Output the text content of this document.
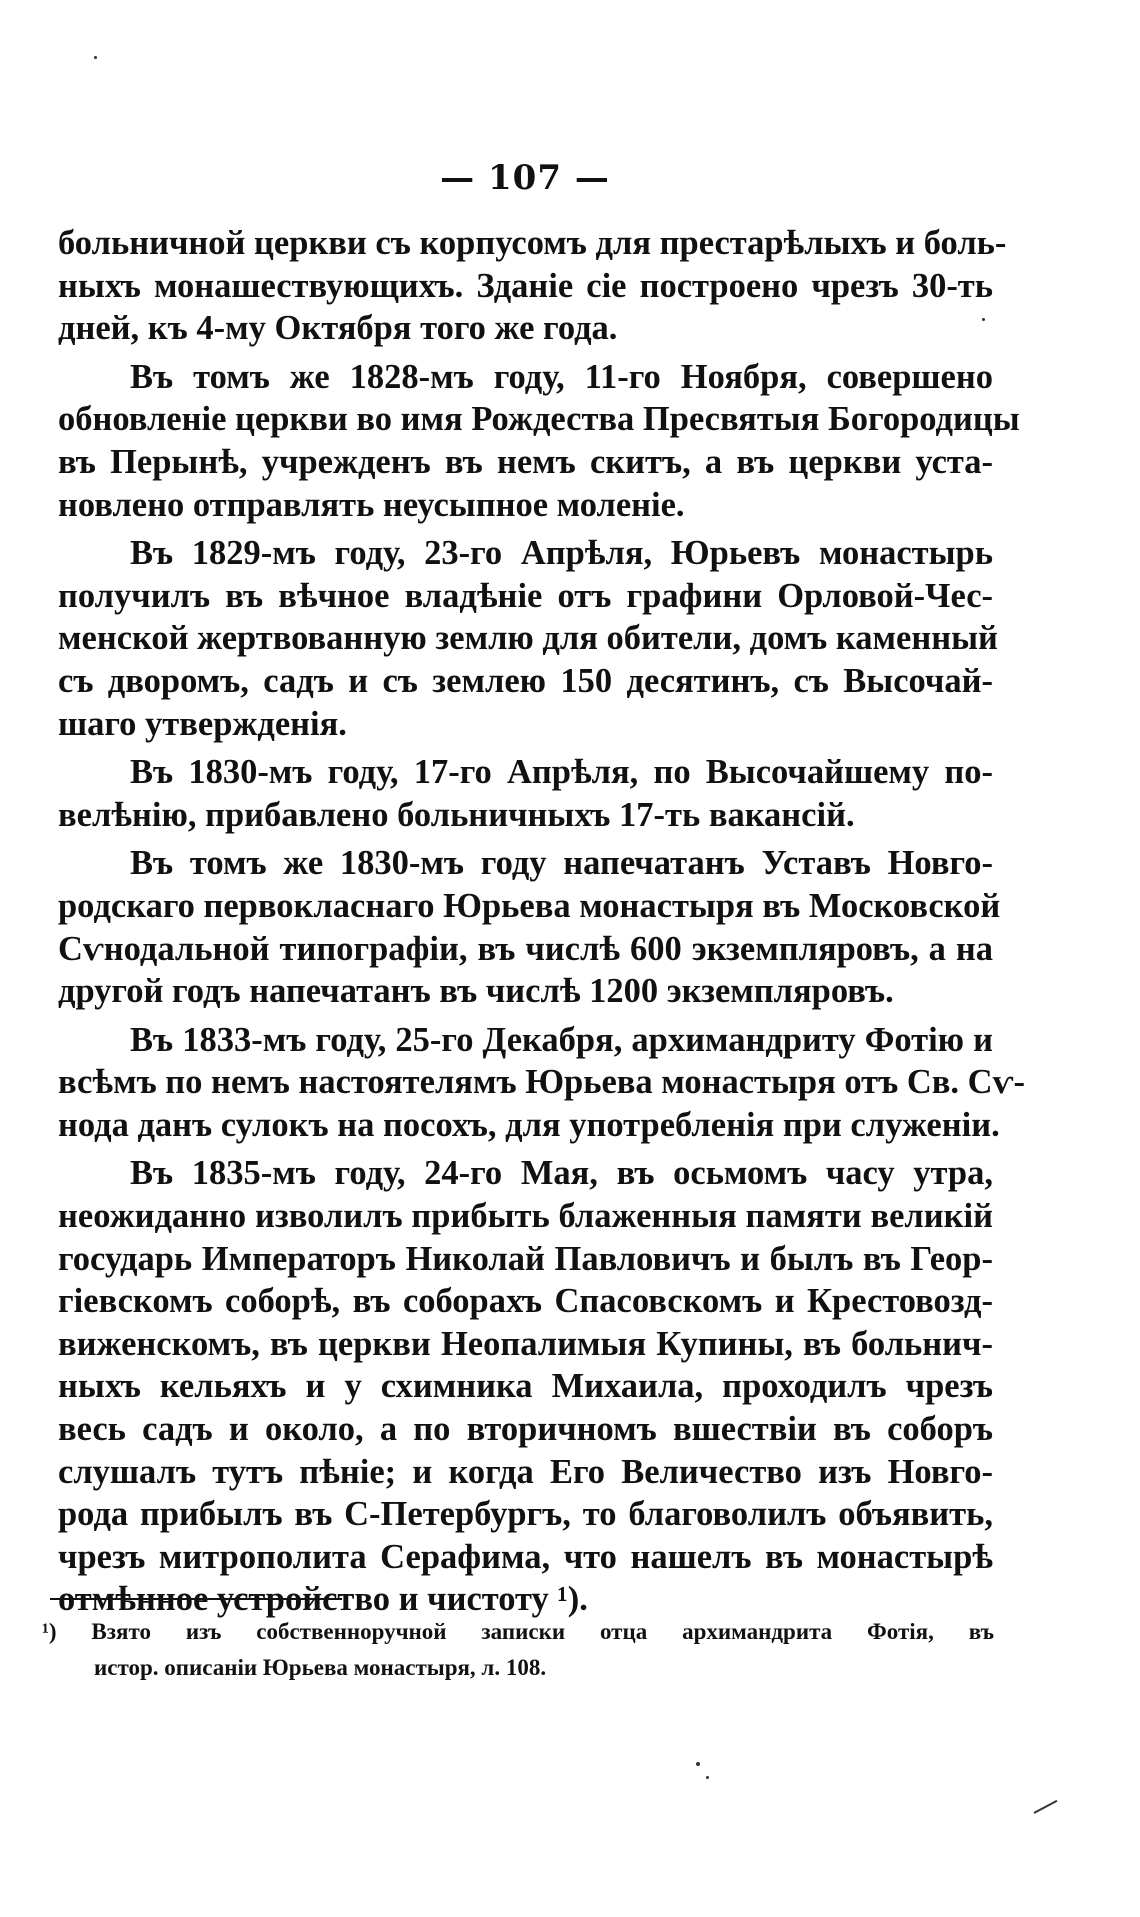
— 107 —
больничной церкви съ корпусомъ для престарѣлыхъ и боль-
ныхъ монашествующихъ. Зданіе сіе построено чрезъ 30-ть
дней, къ 4-му Октября того же года.
Въ томъ же 1828-мъ году, 11-го Ноября, совершено
обновленіе церкви во имя Рождества Пресвятыя Богородицы
въ Перынѣ, учрежденъ въ немъ скитъ, а въ церкви уста-
новлено отправлять неусыпное моленіе.
Въ 1829-мъ году, 23-го Апрѣля, Юрьевъ монастырь
получилъ въ вѣчное владѣніе отъ графини Орловой-Чес-
менской жертвованную землю для обители, домъ каменный
съ дворомъ, садъ и съ землею 150 десятинъ, съ Высочай-
шаго утвержденія.
Въ 1830-мъ году, 17-го Апрѣля, по Высочайшему по-
велѣнію, прибавлено больничныхъ 17-ть вакансій.
Въ томъ же 1830-мъ году напечатанъ Уставъ Новго-
родскаго первокласнаго Юрьева монастыря въ Московской
Сѵнодальной типографіи, въ числѣ 600 экземпляровъ, а на
другой годъ напечатанъ въ числѣ 1200 экземпляровъ.
Въ 1833-мъ году, 25-го Декабря, архимандриту Фотію и
всѣмъ по немъ настоятелямъ Юрьева монастыря отъ Св. Сѵ-
нода данъ сулокъ на посохъ, для употребленія при служеніи.
Въ 1835-мъ году, 24-го Мая, въ осьмомъ часу утра,
неожиданно изволилъ прибыть блаженныя памяти великій
государь Императоръ Николай Павловичъ и былъ въ Геор-
гіевскомъ соборѣ, въ соборахъ Спасовскомъ и Крестовозд-
виженскомъ, въ церкви Неопалимыя Купины, въ больнич-
ныхъ кельяхъ и у схимника Михаила, проходилъ чрезъ
весь садъ и около, а по вторичномъ вшествіи въ соборъ
слушалъ тутъ пѣніе; и когда Его Величество изъ Новго-
рода прибылъ въ С-Петербургъ, то благоволилъ объявить,
чрезъ митрополита Серафима, что нашелъ въ монастырѣ
отмѣнное устройство и чистоту ¹).
¹) Взято изъ собственноручной записки отца архимандрита Фотія, въ
истор. описаніи Юрьева монастыря, л. 108.
